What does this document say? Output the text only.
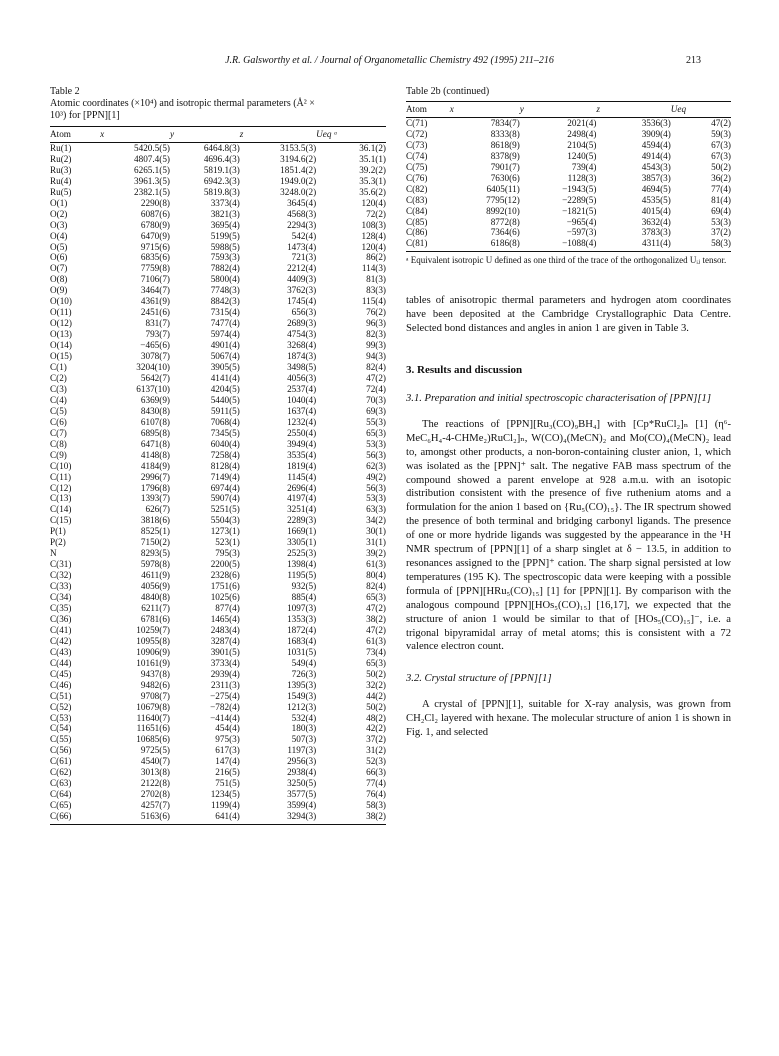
J.R. Galsworthy et al. / Journal of Organometallic Chemistry 492 (1995) 211–216	213
Table 2
Atomic coordinates (×10⁴) and isotropic thermal parameters (Å² ×
10³) for [PPN][1]
Atom	x	y	z	Ueq ᵃ
Ru(1)	5420.5(5)	6464.8(3)	3153.5(3)	36.1(2)
Ru(2)	4807.4(5)	4696.4(3)	3194.6(2)	35.1(1)
Ru(3)	6265.1(5)	5819.1(3)	1851.4(2)	39.2(2)
Ru(4)	3961.3(5)	6942.3(3)	1949.0(2)	35.3(1)
Ru(5)	2382.1(5)	5819.8(3)	3248.0(2)	35.6(2)
O(1)	2290(8)	3373(4)	3645(4)	120(4)
O(2)	6087(6)	3821(3)	4568(3)	72(2)
O(3)	6780(9)	3695(4)	2294(3)	108(3)
O(4)	6470(9)	5199(5)	542(4)	128(4)
O(5)	9715(6)	5988(5)	1473(4)	120(4)
O(6)	6835(6)	7593(3)	721(3)	86(2)
O(7)	7759(8)	7882(4)	2212(4)	114(3)
O(8)	7106(7)	5800(4)	4409(3)	81(3)
O(9)	3464(7)	7748(3)	3762(3)	83(3)
O(10)	4361(9)	8842(3)	1745(4)	115(4)
O(11)	2451(6)	7315(4)	656(3)	76(2)
O(12)	831(7)	7477(4)	2689(3)	96(3)
O(13)	793(7)	5974(4)	4754(3)	82(3)
O(14)	−465(6)	4901(4)	3268(4)	99(3)
O(15)	3078(7)	5067(4)	1874(3)	94(3)
C(1)	3204(10)	3905(5)	3498(5)	82(4)
C(2)	5642(7)	4141(4)	4056(3)	47(2)
C(3)	6137(10)	4204(5)	2537(4)	72(4)
C(4)	6369(9)	5440(5)	1040(4)	70(3)
C(5)	8430(8)	5911(5)	1637(4)	69(3)
C(6)	6107(8)	7068(4)	1232(4)	55(3)
C(7)	6895(8)	7345(5)	2550(4)	65(3)
C(8)	6471(8)	6040(4)	3949(4)	53(3)
C(9)	4148(8)	7258(4)	3535(4)	56(3)
C(10)	4184(9)	8128(4)	1819(4)	62(3)
C(11)	2996(7)	7149(4)	1145(4)	49(2)
C(12)	1796(8)	6974(4)	2696(4)	56(3)
C(13)	1393(7)	5907(4)	4197(4)	53(3)
C(14)	626(7)	5251(5)	3251(4)	63(3)
C(15)	3818(6)	5504(3)	2289(3)	34(2)
P(1)	8525(1)	1273(1)	1669(1)	30(1)
P(2)	7150(2)	523(1)	3305(1)	31(1)
N	8293(5)	795(3)	2525(3)	39(2)
C(31)	5978(8)	2200(5)	1398(4)	61(3)
C(32)	4611(9)	2328(6)	1195(5)	80(4)
C(33)	4056(9)	1751(6)	932(5)	82(4)
C(34)	4840(8)	1025(6)	885(4)	65(3)
C(35)	6211(7)	877(4)	1097(3)	47(2)
C(36)	6781(6)	1465(4)	1353(3)	38(2)
C(41)	10259(7)	2483(4)	1872(4)	47(2)
C(42)	10955(8)	3287(4)	1683(4)	61(3)
C(43)	10906(9)	3901(5)	1031(5)	73(4)
C(44)	10161(9)	3733(4)	549(4)	65(3)
C(45)	9437(8)	2939(4)	726(3)	50(2)
C(46)	9482(6)	2311(3)	1395(3)	32(2)
C(51)	9708(7)	−275(4)	1549(3)	44(2)
C(52)	10679(8)	−782(4)	1212(3)	50(2)
C(53)	11640(7)	−414(4)	532(4)	48(2)
C(54)	11651(6)	454(4)	180(3)	42(2)
C(55)	10685(6)	975(3)	507(3)	37(2)
C(56)	9725(5)	617(3)	1197(3)	31(2)
C(61)	4540(7)	147(4)	2956(3)	52(3)
C(62)	3013(8)	216(5)	2938(4)	66(3)
C(63)	2122(8)	751(5)	3250(5)	77(4)
C(64)	2702(8)	1234(5)	3577(5)	76(4)
C(65)	4257(7)	1199(4)	3599(4)	58(3)
C(66)	5163(6)	641(4)	3294(3)	38(2)
Table 2b (continued)
Atom	x	y	z	Ueq
C(71)	7834(7)	2021(4)	3536(3)	47(2)
C(72)	8333(8)	2498(4)	3909(4)	59(3)
C(73)	8618(9)	2104(5)	4594(4)	67(3)
C(74)	8378(9)	1240(5)	4914(4)	67(3)
C(75)	7901(7)	739(4)	4543(3)	50(2)
C(76)	7630(6)	1128(3)	3857(3)	36(2)
C(82)	6405(11)	−1943(5)	4694(5)	77(4)
C(83)	7795(12)	−2289(5)	4535(5)	81(4)
C(84)	8992(10)	−1821(5)	4015(4)	69(4)
C(85)	8772(8)	−965(4)	3632(4)	53(3)
C(86)	7364(6)	−597(3)	3783(3)	37(2)
C(81)	6186(8)	−1088(4)	4311(4)	58(3)
ᵃ Equivalent isotropic U defined as one third of the trace of the orthogonalized Uᵢⱼ tensor.

tables of anisotropic thermal parameters and hydrogen atom coordinates have been deposited at the Cambridge Crystallographic Data Centre. Selected bond distances and angles in anion 1 are given in Table 3.

3. Results and discussion
3.1. Preparation and initial spectroscopic characterisation of [PPN][1]

The reactions of [PPN][Ru₃(CO)₉BH₄] with [Cp*RuCl₂]ₙ [1] (η⁶-MeC₆H₄-4-CHMe₂)RuCl₂]ₙ, W(CO)₄(MeCN)₂ and Mo(CO)₄(MeCN)₂ lead to, amongst other products, a non-boron-containing cluster anion, 1, which was isolated as the [PPN]⁺ salt. The negative FAB mass spectrum of the compound showed a parent envelope at 928 a.m.u. with an isotopic distribution consistent with the presence of five ruthenium atoms and a formulation for the anion 1 based on {Ru₅(CO)₁₅}. The IR spectrum showed the presence of both terminal and bridging carbonyl ligands. The presence of one or more hydride ligands was suggested by the appearance in the ¹H NMR spectrum of [PPN][1] of a sharp singlet at δ − 13.5, in addition to resonances assigned to the [PPN]⁺ cation. The sharp signal persisted at low temperatures (195 K). The spectroscopic data were keeping with a possible formula of [PPN][HRu₅(CO)₁₅] [1] for [PPN][1]. By comparison with the analogous compound [PPN][HOs₅(CO)₁₅] [16,17], we expected that the structure of anion 1 would be similar to that of [HOs₅(CO)₁₅]⁻, i.e. a trigonal bipyramidal array of metal atoms; this is consistent with a 72 valence electron count.

3.2. Crystal structure of [PPN][1]

A crystal of [PPN][1], suitable for X-ray analysis, was grown from CH₂Cl₂ layered with hexane. The molecular structure of anion 1 is shown in Fig. 1, and selected
